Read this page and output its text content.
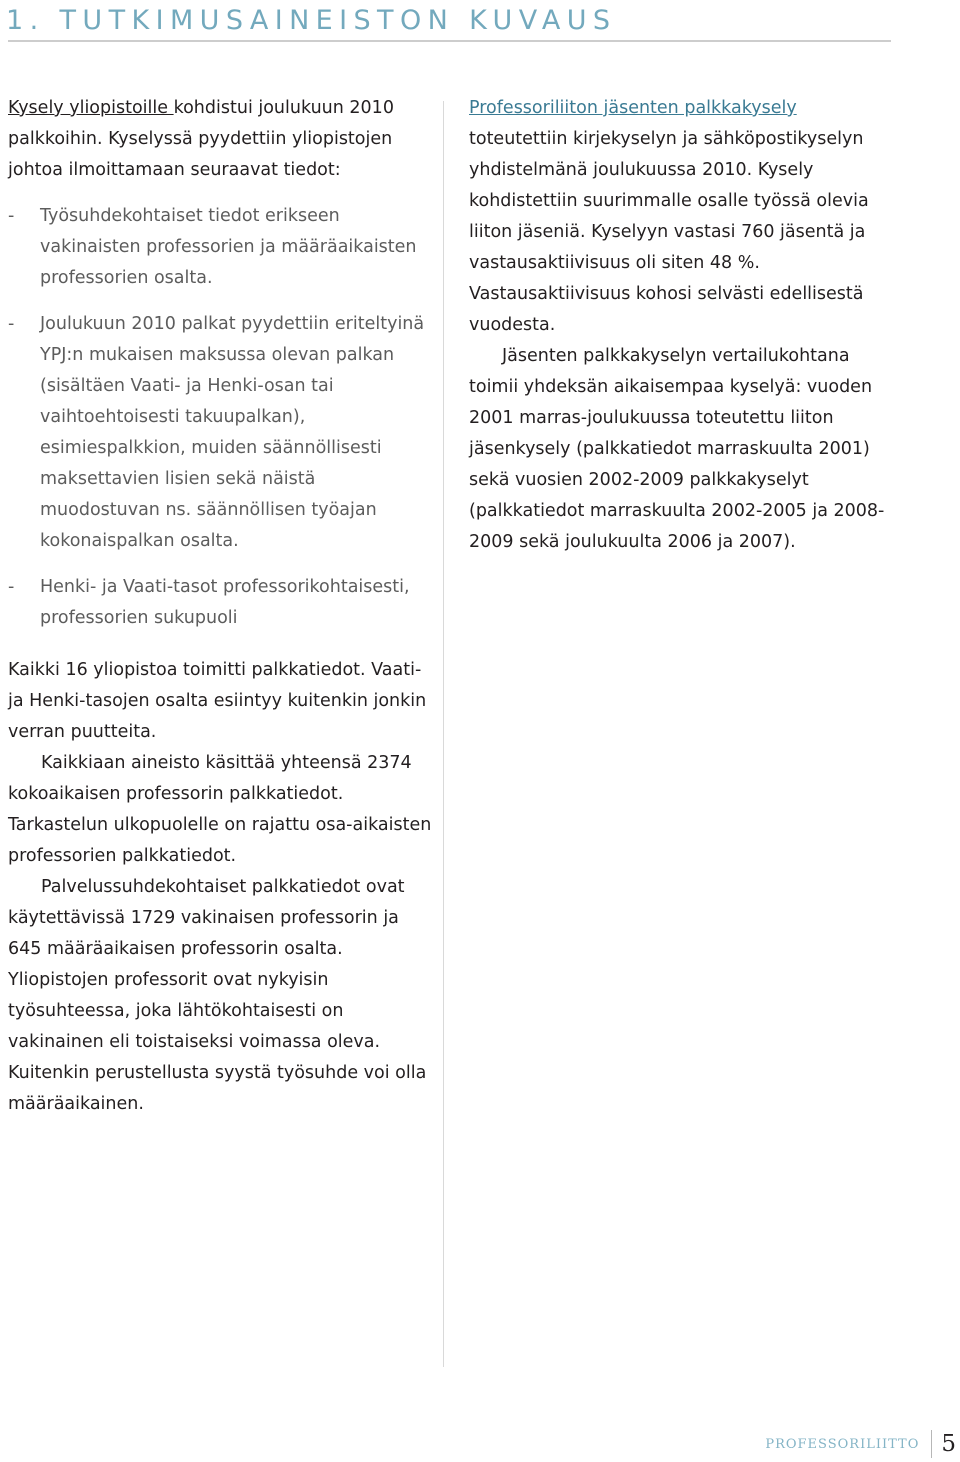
1. TUTKIMUSAINEISTON KUVAUS

Kysely yliopistoille kohdistui joulukuun 2010 palkkoihin. Kyselyssä pyydettiin yliopistojen johtoa ilmoittamaan seuraavat tiedot:

- Työsuhdekohtaiset tiedot erikseen vakinaisten professorien ja määräaikaisten professorien osalta.

- Joulukuun 2010 palkat pyydettiin eriteltyinä YPJ:n mukaisen maksussa olevan palkan (sisältäen Vaati- ja Henki-osan tai vaihtoehtoisesti takuupalkan), esimiespalkkion, muiden säännöllisesti maksettavien lisien sekä näistä muodostuvan ns. säännöllisen työajan kokonaispalkan osalta.

- Henki- ja Vaati-tasot professorikohtaisesti, professorien sukupuoli

Kaikki 16 yliopistoa toimitti palkkatiedot. Vaati- ja Henki-tasojen osalta esiintyy kuitenkin jonkin verran puutteita.

Kaikkiaan aineisto käsittää yhteensä 2374 kokoaikaisen professorin palkkatiedot. Tarkastelun ulkopuolelle on rajattu osa-aikaisten professorien palkkatiedot.

Palvelussuhdekohtaiset palkkatiedot ovat käytettävissä 1729 vakinaisen professorin ja 645 määräaikaisen professorin osalta. Yliopistojen professorit ovat nykyisin työsuhteessa, joka lähtökohtaisesti on vakinainen eli toistaiseksi voimassa oleva. Kuitenkin perustellusta syystä työsuhde voi olla määräaikainen.

Professoriliiton jäsenten palkkakysely toteutettiin kirjekyselyn ja sähköpostikyselyn yhdistelmänä joulukuussa 2010. Kysely kohdistettiin suurimmalle osalle työssä olevia liiton jäseniä. Kyselyyn vastasi 760 jäsentä ja vastausaktiivisuus oli siten 48 %. Vastausaktiivisuus kohosi selvästi edellisestä vuodesta.

Jäsenten palkkakyselyn vertailukohtana toimii yhdeksän aikaisempaa kyselyä: vuoden 2001 marras-joulukuussa toteutettu liiton jäsenkysely (palkkatiedot marraskuulta 2001) sekä vuosien 2002-2009 palkkakyselyt (palkkatiedot marraskuulta 2002-2005 ja 2008-2009 sekä joulukuulta 2006 ja 2007).

PROFESSORILIITTO 5
